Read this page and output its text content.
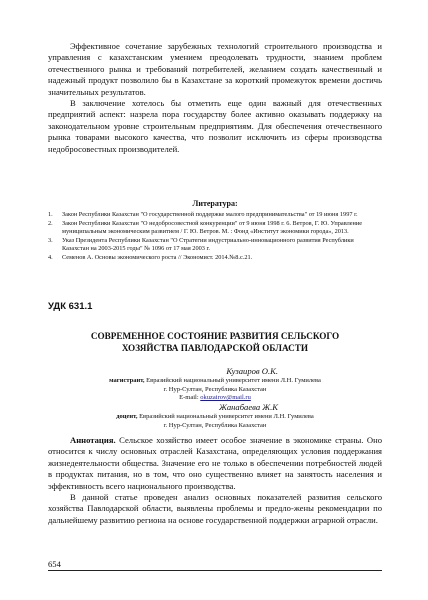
Эффективное сочетание зарубежных технологий строительного производства и управления с казахстанским умением преодолевать трудности, знанием проблем отечественного рынка и требований потребителей, желанием создать качественный и надежный продукт позволило бы в Казахстане за короткий промежуток времени достичь значительных результатов.

В заключение хотелось бы отметить еще один важный для отечественных предприятий аспект: назрела пора государству более активно оказывать поддержку на законодательном уровне строительным предприятиям. Для обеспечения отечественного рынка товарами высокого качества, что позволит исключить из сферы производства недобросовестных производителей.

Литература:
1.	Закон Республики Казахстан "О государственной поддержке малого предпринимательства" от 19 июня 1997 г.
2.	Закон Республики Казахстан "О недобросовестной конкуренции" от 9 июня 1998 г. 6. Ветров, Г. Ю. Управление муниципальным экономическим развитием / Г. Ю. Ветров. М. : Фонд «Институт экономики города», 2013.
3.	Указ Президента Республики Казахстан "О Стратегии индустриально-инновационного развития Республики Казахстан на 2003-2015 годы" № 1096 от 17 мая 2003 г.
4.	Семенов А. Основы экономического роста // Экономист. 2014.№8.с.21.
УДК 631.1
СОВРЕМЕННОЕ СОСТОЯНИЕ РАЗВИТИЯ СЕЛЬСКОГО
ХОЗЯЙСТВА ПАВЛОДАРСКОЙ ОБЛАСТИ
Кузаиров О.К.
магистрант, Евразийский национальный университет имени Л.Н. Гумилева
г. Нур-Султан, Республика Казахстан
E-mail: okuzairov@mail.ru
Жанабаева Ж.К
доцент, Евразийский национальный университет имени Л.Н. Гумилева
г. Нур-Султан, Республика Казахстан

Аннотация. Сельское хозяйство имеет особое значение в экономике страны. Оно относится к числу основных отраслей Казахстана, определяющих условия поддержания жизнедеятельности общества. Значение его не только в обеспечении потребностей людей в продуктах питания, но в том, что оно существенно влияет на занятость населения и эффективность всего национального производства.

В данной статье проведен анализ основных показателей развития сельского хозяйства Павлодарской области, выявлены проблемы и предло-жены рекомендации по дальнейшему развитию региона на основе государственной поддержки аграрной отрасли.

654
